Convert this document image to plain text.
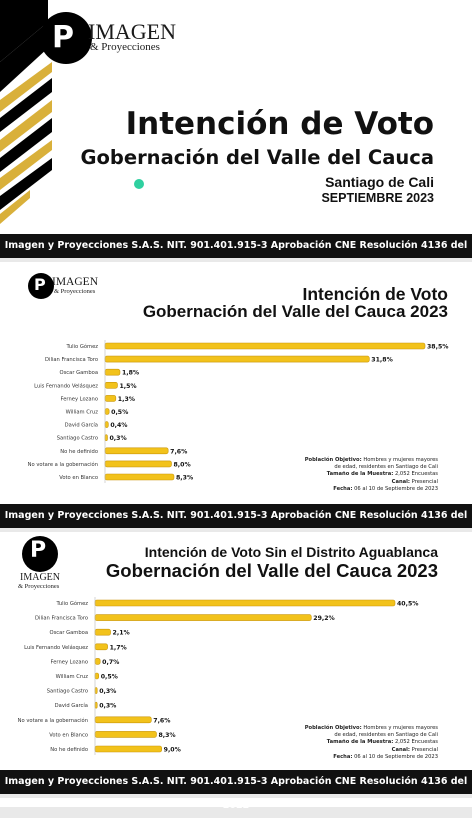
Ρ IMAGEN
& Proyecciones
Intención de Voto
Gobernación del Valle del Cauca
Santiago de Cali
SEPTIEMBRE 2023
Imagen y Proyecciones S.A.S. NIT. 901.401.915-3 Aprobación CNE Resolución 4136 del
Ρ IMAGEN
& Proyecciones	Intención de Voto
Gobernación del Valle del Cauca 2023
Tulio Gómez	38,5%
Dilian Francisca Toro	31,8%
Oscar Gamboa	1,8%
Luis Fernando Velásquez	1,5%
Ferney Lozano	1,3%
William Cruz 0,5%
David García 0,4%
Santiago Castro 0,3%
No he definido	7,6%
No votare a la gobernación	8,0%
Voto en Blanco	8,3%
Población Objetivo: Hombres y mujeres mayores
de edad, residentes en Santiago de Cali
Tamaño de la Muestra: 2,052 Encuestas
Canal: Presencial
Fecha: 06 al 10 de Septiembre de 2023
Imagen y Proyecciones S.A.S. NIT. 901.401.915-3 Aprobación CNE Resolución 4136 del
Ρ
IMAGEN
& Proyecciones
Intención de Voto Sin el Distrito Aguablanca
Gobernación del Valle del Cauca 2023
Tulio Gómez	40,5%
Dilian Francisca Toro	29,2%
Oscar Gamboa	2,1%
Luis Fernando Velásquez	1,7%
Ferney Lozano 0,7%
William Cruz 0,5%
Santiago Castro 0,3%
David García 0,3%
No votare a la gobernación	7,6%
Voto en Blanco	8,3%
No he definido	9,0%
Población Objetivo: Hombres y mujeres mayores
de edad, residentes en Santiago de Cali
Tamaño de la Muestra: 2,052 Encuestas
Canal: Presencial
Fecha: 06 al 10 de Septiembre de 2023
Imagen y Proyecciones S.A.S. NIT. 901.401.915-3 Aprobación CNE Resolución 4136 del
